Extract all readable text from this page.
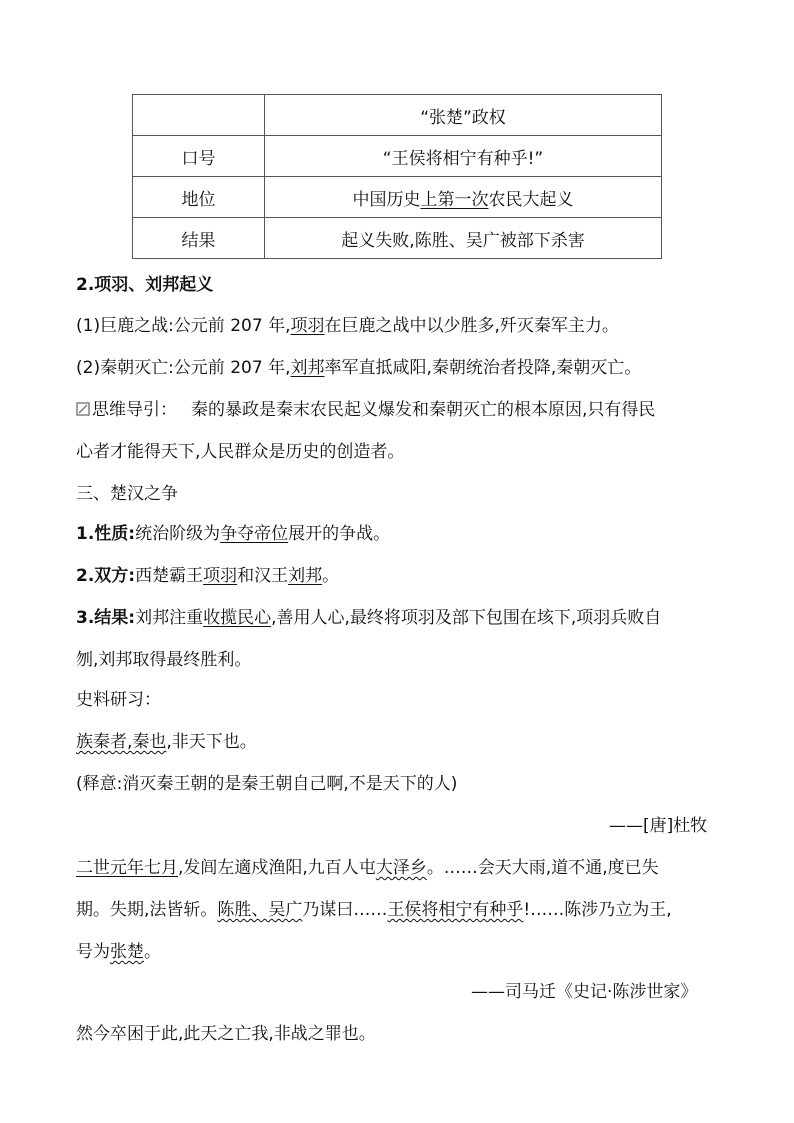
	“张楚”政权
口号	“王侯将相宁有种乎!”
地位	中国历史上第一次农民大起义
结果	起义失败,陈胜、吴广被部下杀害
2.项羽、刘邦起义
(1)巨鹿之战:公元前 207 年,项羽在巨鹿之战中以少胜多,歼灭秦军主力。
(2)秦朝灭亡:公元前 207 年,刘邦率军直抵咸阳,秦朝统治者投降,秦朝灭亡。
思维导引： 秦的暴政是秦末农民起义爆发和秦朝灭亡的根本原因,只有得民
心者才能得天下,人民群众是历史的创造者。
三、楚汉之争
1.性质:统治阶级为争夺帝位展开的争战。
2.双方:西楚霸王项羽和汉王刘邦。
3.结果:刘邦注重收揽民心,善用人心,最终将项羽及部下包围在垓下,项羽兵败自
刎,刘邦取得最终胜利。
史料研习：
族秦者,秦也,非天下也。
(释意:消灭秦王朝的是秦王朝自己啊,不是天下的人)
——[唐]杜牧
二世元年七月,发闾左適戍渔阳,九百人屯大泽乡。……会天大雨,道不通,度已失
期。失期,法皆斩。陈胜、吴广乃谋曰……王侯将相宁有种乎!……陈涉乃立为王,
号为张楚。
——司马迁《史记·陈涉世家》
然今卒困于此,此天之亡我,非战之罪也。
